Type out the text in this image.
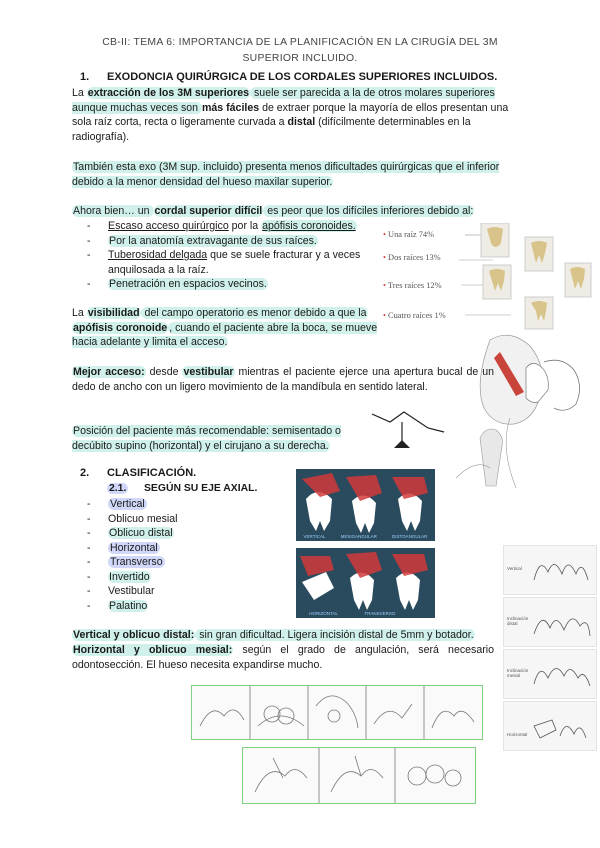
CB-II: TEMA 6: IMPORTANCIA DE LA PLANIFICACIÓN EN LA CIRUGÍA DEL 3M
SUPERIOR INCLUIDO.
1. EXODONCIA QUIRÚRGICA DE LOS CORDALES SUPERIORES INCLUIDOS.
La extracción de los 3M superiores suele ser parecida a la de otros molares superiores aunque muchas veces son más fáciles de extraer porque la mayoría de ellos presentan una sola raíz corta, recta o ligeramente curvada a distal (difícilmente determinables en la radiografía).
También esta exo (3M sup. incluido) presenta menos dificultades quirúrgicas que el inferior debido a la menor densidad del hueso maxilar superior.
Ahora bien… un cordal superior difícil es peor que los difíciles inferiores debido al:
- Escaso acceso quirúrgico por la apófisis coronoides.
- Por la anatomía extravagante de sus raíces.
- Tuberosidad delgada que se suele fracturar y a veces anquilosada a la raíz.
- Penetración en espacios vecinos.
• Una raíz 74%
• Dos raíces 13%
• Tres raíces 12%
• Cuatro raíces 1%
La visibilidad del campo operatorio es menor debido a que la apófisis coronoide , cuando el paciente abre la boca, se mueve hacia adelante y limita el acceso.
Mejor acceso: desde vestibular mientras el paciente ejerce una apertura bucal de un dedo de ancho con un ligero movimiento de la mandíbula en sentido lateral.
Posición del paciente más recomendable: semisentado o decúbito supino (horizontal) y el cirujano a su derecha.
2. CLASIFICACIÓN.
2.1. SEGÚN SU EJE AXIAL.
- Vertical
- Oblicuo mesial
- Oblicuo distal
- Horizontal
- Transverso
- Invertido
- Vestibular
- Palatino
VERTICAL	MESIOANGULAR	DISTOANGULAR
HORIZONTAL	TRANSVERSO
Vertical
Inclinación distal
Inclinación mesial
Horizontal
Vertical y oblicuo distal: sin gran dificultad. Ligera incisión distal de 5mm y botador.
Horizontal y oblicuo mesial: según el grado de angulación, será necesario odontosección. El hueso necesita expandirse mucho.
